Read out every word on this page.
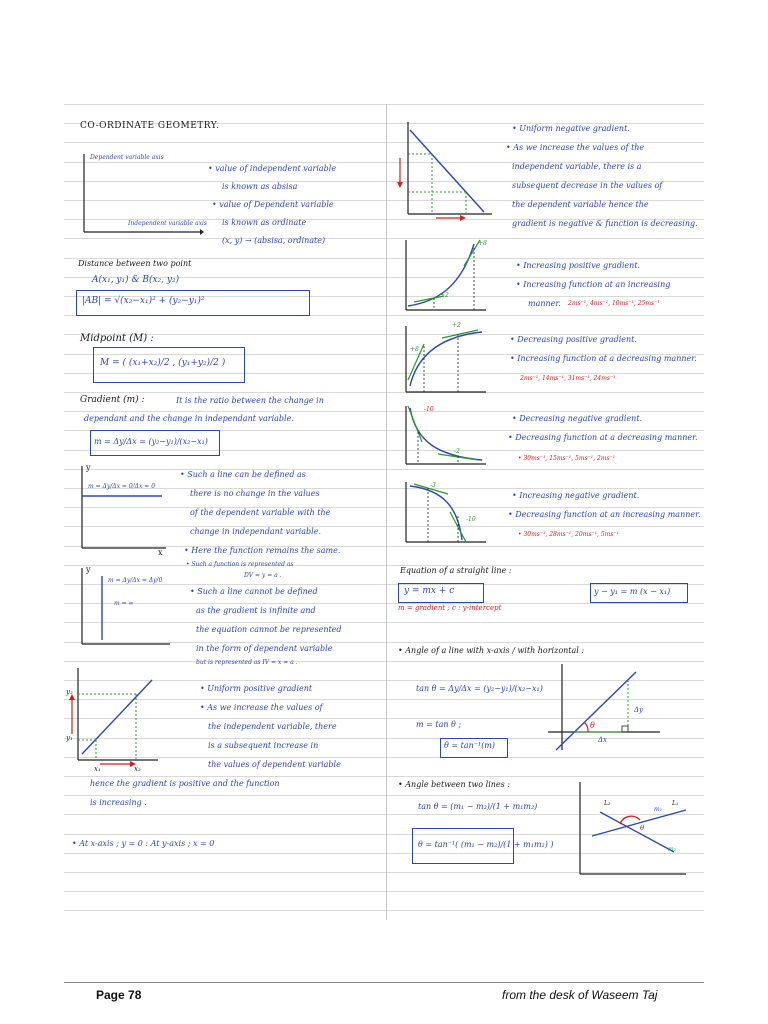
CO-ORDINATE GEOMETRY.
Dependent variable axis
Independent variable axis
• value of independent variable
is known as absisa
• value of Dependent variable
is known as ordinate
(x, y) → (absisa, ordinate)
Distance between two point
A(x₁, y₁) & B(x₂, y₂)
|AB| = √(x₂−x₁)² + (y₂−y₁)²
Midpoint (M) :
M = ( (x₁+x₂)/2 , (y₁+y₂)/2 )
Gradient (m) :	It is the ratio between the change in
dependant and the change in independant variable.
m = Δy/Δx = (y₂−y₁)/(x₂−x₁)
y
x
m = Δy/Δx = 0/Δx = 0
• Such a line can be defined as
there is no change in the values
of the dependent variable with the
change in independant variable.
• Here the function remains the same.
• Such a function is represented as
DV = y = a .
y
m = Δy/Δx = Δy/0
m = ∞
• Such a line cannot be defined
as the gradient is infinite and
the equation cannot be represented
in the form of dependent variable
but is represented as IV = x = a .
y₂
y₁
x₁	x₂
• Uniform positive gradient
• As we increase the values of
the independent variable, there
is a subsequent increase in
the values of dependent variable
hence the gradient is positive and the function
is increasing .
• At x-axis ; y = 0 : At y-axis ; x = 0
• Uniform negative gradient.
• As we increase the values of the
independent variable, there is a
subsequent decrease in the values of
the dependent variable hence the
gradient is negative & function is decreasing.
+8
+2
• Increasing positive gradient.
• Increasing function at an increasing
manner. 2ms⁻¹, 4ms⁻¹, 10ms⁻¹, 25ms⁻¹
+8
+2
• Decreasing positive gradient.
• Increasing function at a decreasing manner.
2ms⁻¹, 14ms⁻¹, 31ms⁻¹, 24ms⁻¹
-10
-2
• Decreasing negative gradient.
• Decreasing function at a decreasing manner.
• 30ms⁻¹, 15ms⁻¹, 5ms⁻¹, 2ms⁻¹
-3
-10
• Increasing negative gradient.
• Decreasing function at an increasing manner.
• 30ms⁻¹, 28ms⁻¹, 20ms⁻¹, 5ms⁻¹
Equation of a straight line :
y = mx + c
m = gradient ; c : y-intercept
y − y₁ = m (x − x₁)
• Angle of a line with x-axis / with horizontal :
tan θ = Δy/Δx = (y₂−y₁)/(x₂−x₁)
m = tan θ ;
θ = tan⁻¹(m)
θ
Δy
Δx
• Angle between two lines :
tan θ = (m₁ − m₂)/(1 + m₁m₂)
θ = tan⁻¹( (m₁ − m₂)/(1 + m₁m₂) )
L₂	L₁
m₁
m₂
θ
Page 78	from the desk of Waseem Taj
